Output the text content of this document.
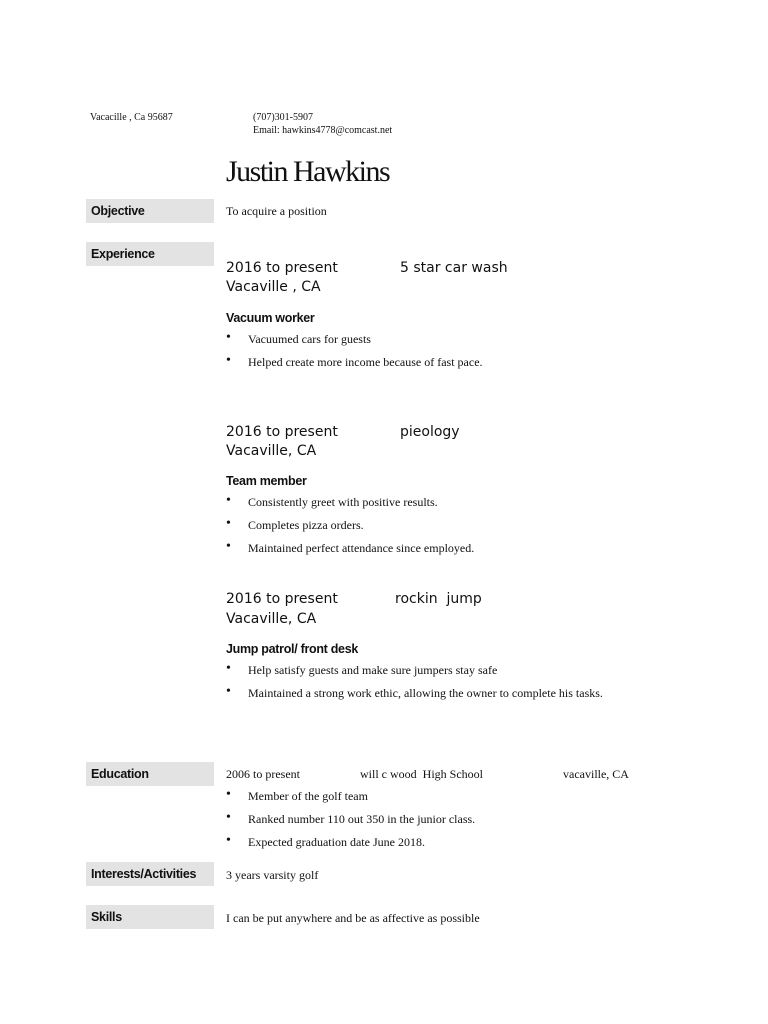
Vacacille , Ca 95687	(707)301-5907
Email: hawkins4778@comcast.net
Justin Hawkins
Objective	To acquire a position
Experience
2016 to present	5 star car wash
Vacaville , CA
Vacuum worker
• Vacuumed cars for guests
• Helped create more income because of fast pace.
2016 to present	pieology
Vacaville, CA
Team member
• Consistently greet with positive results.
• Completes pizza orders.
• Maintained perfect attendance since employed.
2016 to present	rockin  jump
Vacaville, CA
Jump patrol/ front desk
• Help satisfy guests and make sure jumpers stay safe
• Maintained a strong work ethic, allowing the owner to complete his tasks.
Education	2006 to present	will c wood  High School	vacaville, CA
• Member of the golf team
• Ranked number 110 out 350 in the junior class.
• Expected graduation date June 2018.
Interests/Activities	3 years varsity golf
Skills	I can be put anywhere and be as affective as possible
